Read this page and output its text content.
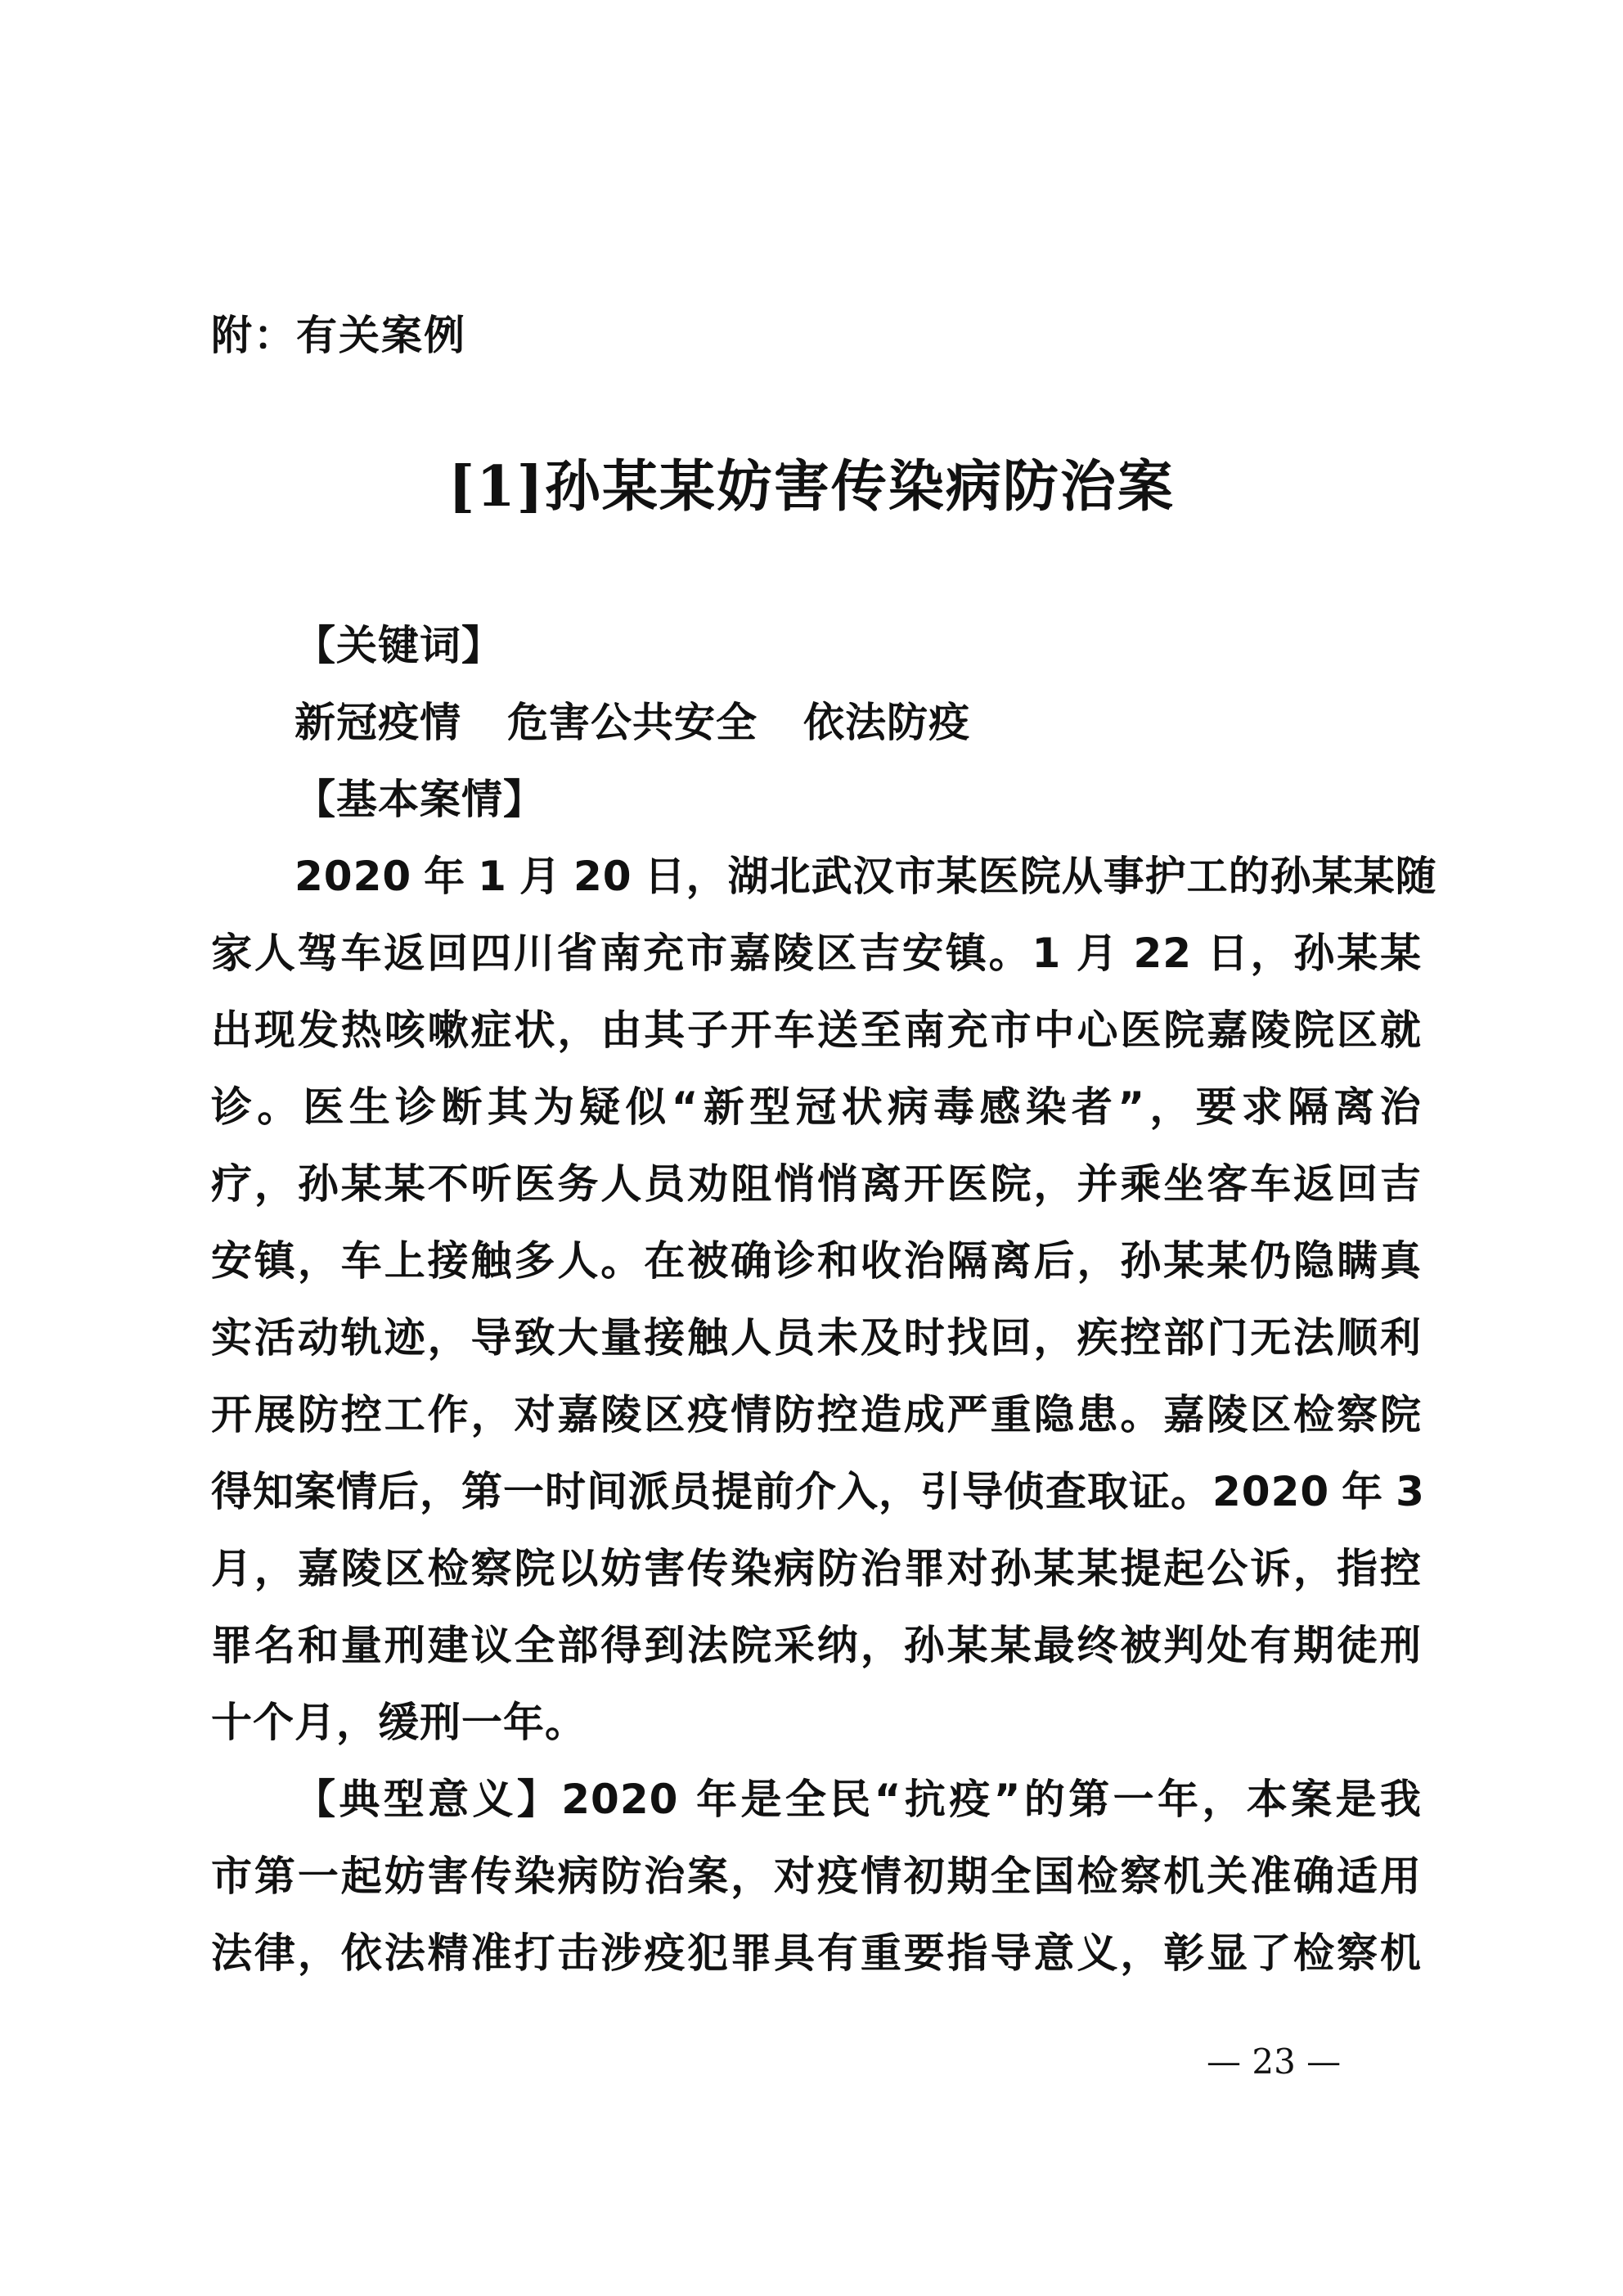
附：有关案例
[1]孙某某妨害传染病防治案
【关键词】
新冠疫情 危害公共安全 依法防疫
【基本案情】
2020
年
1
月
20
日 ， 湖 北 武 汉 市 某 医 院 从 事 护 工 的 孙 某 某 随
家 人 驾 车 返 回 四 川 省 南 充 市 嘉 陵 区 吉 安 镇 。 1
月
22
日 ， 孙 某 某
出 现 发 热 咳 嗽 症 状 ， 由 其 子 开 车 送 至 南 充 市 中 心 医 院 嘉 陵 院 区 就
诊 。 医 生 诊 断 其 为 疑 似 “ 新 型 冠 状 病 毒 感 染 者 ” ， 要 求 隔 离 治
疗 ， 孙 某 某 不 听 医 务 人 员 劝 阻 悄 悄 离 开 医 院 ， 并 乘 坐 客 车 返 回 吉
安 镇 ， 车 上 接 触 多 人 。 在 被 确 诊 和 收 治 隔 离 后 ， 孙 某 某 仍 隐 瞒 真
实 活 动 轨 迹 ， 导 致 大 量 接 触 人 员 未 及 时 找 回 ， 疾 控 部 门 无 法 顺 利
开 展 防 控 工 作 ， 对 嘉 陵 区 疫 情 防 控 造 成 严 重 隐 患 。 嘉 陵 区 检 察 院
得 知 案 情 后 ， 第 一 时 间 派 员 提 前 介 入 ， 引 导 侦 查 取 证 。 2020
年
3
月 ， 嘉 陵 区 检 察 院 以 妨 害 传 染 病 防 治 罪 对 孙 某 某 提 起 公 诉 ， 指 控
罪 名 和 量 刑 建 议 全 部 得 到 法 院 采 纳 ， 孙 某 某 最 终 被 判 处 有 期 徒 刑
十个月，缓刑一年。
【 典 型 意 义 】 2020
年 是 全 民 “ 抗 疫 ” 的 第 一 年 ， 本 案 是 我
市 第 一 起 妨 害 传 染 病 防 治 案 ， 对 疫 情 初 期 全 国 检 察 机 关 准 确 适 用
法 律 ， 依 法 精 准 打 击 涉 疫 犯 罪 具 有 重 要 指 导 意 义 ， 彰 显 了 检 察 机
— 23 —
